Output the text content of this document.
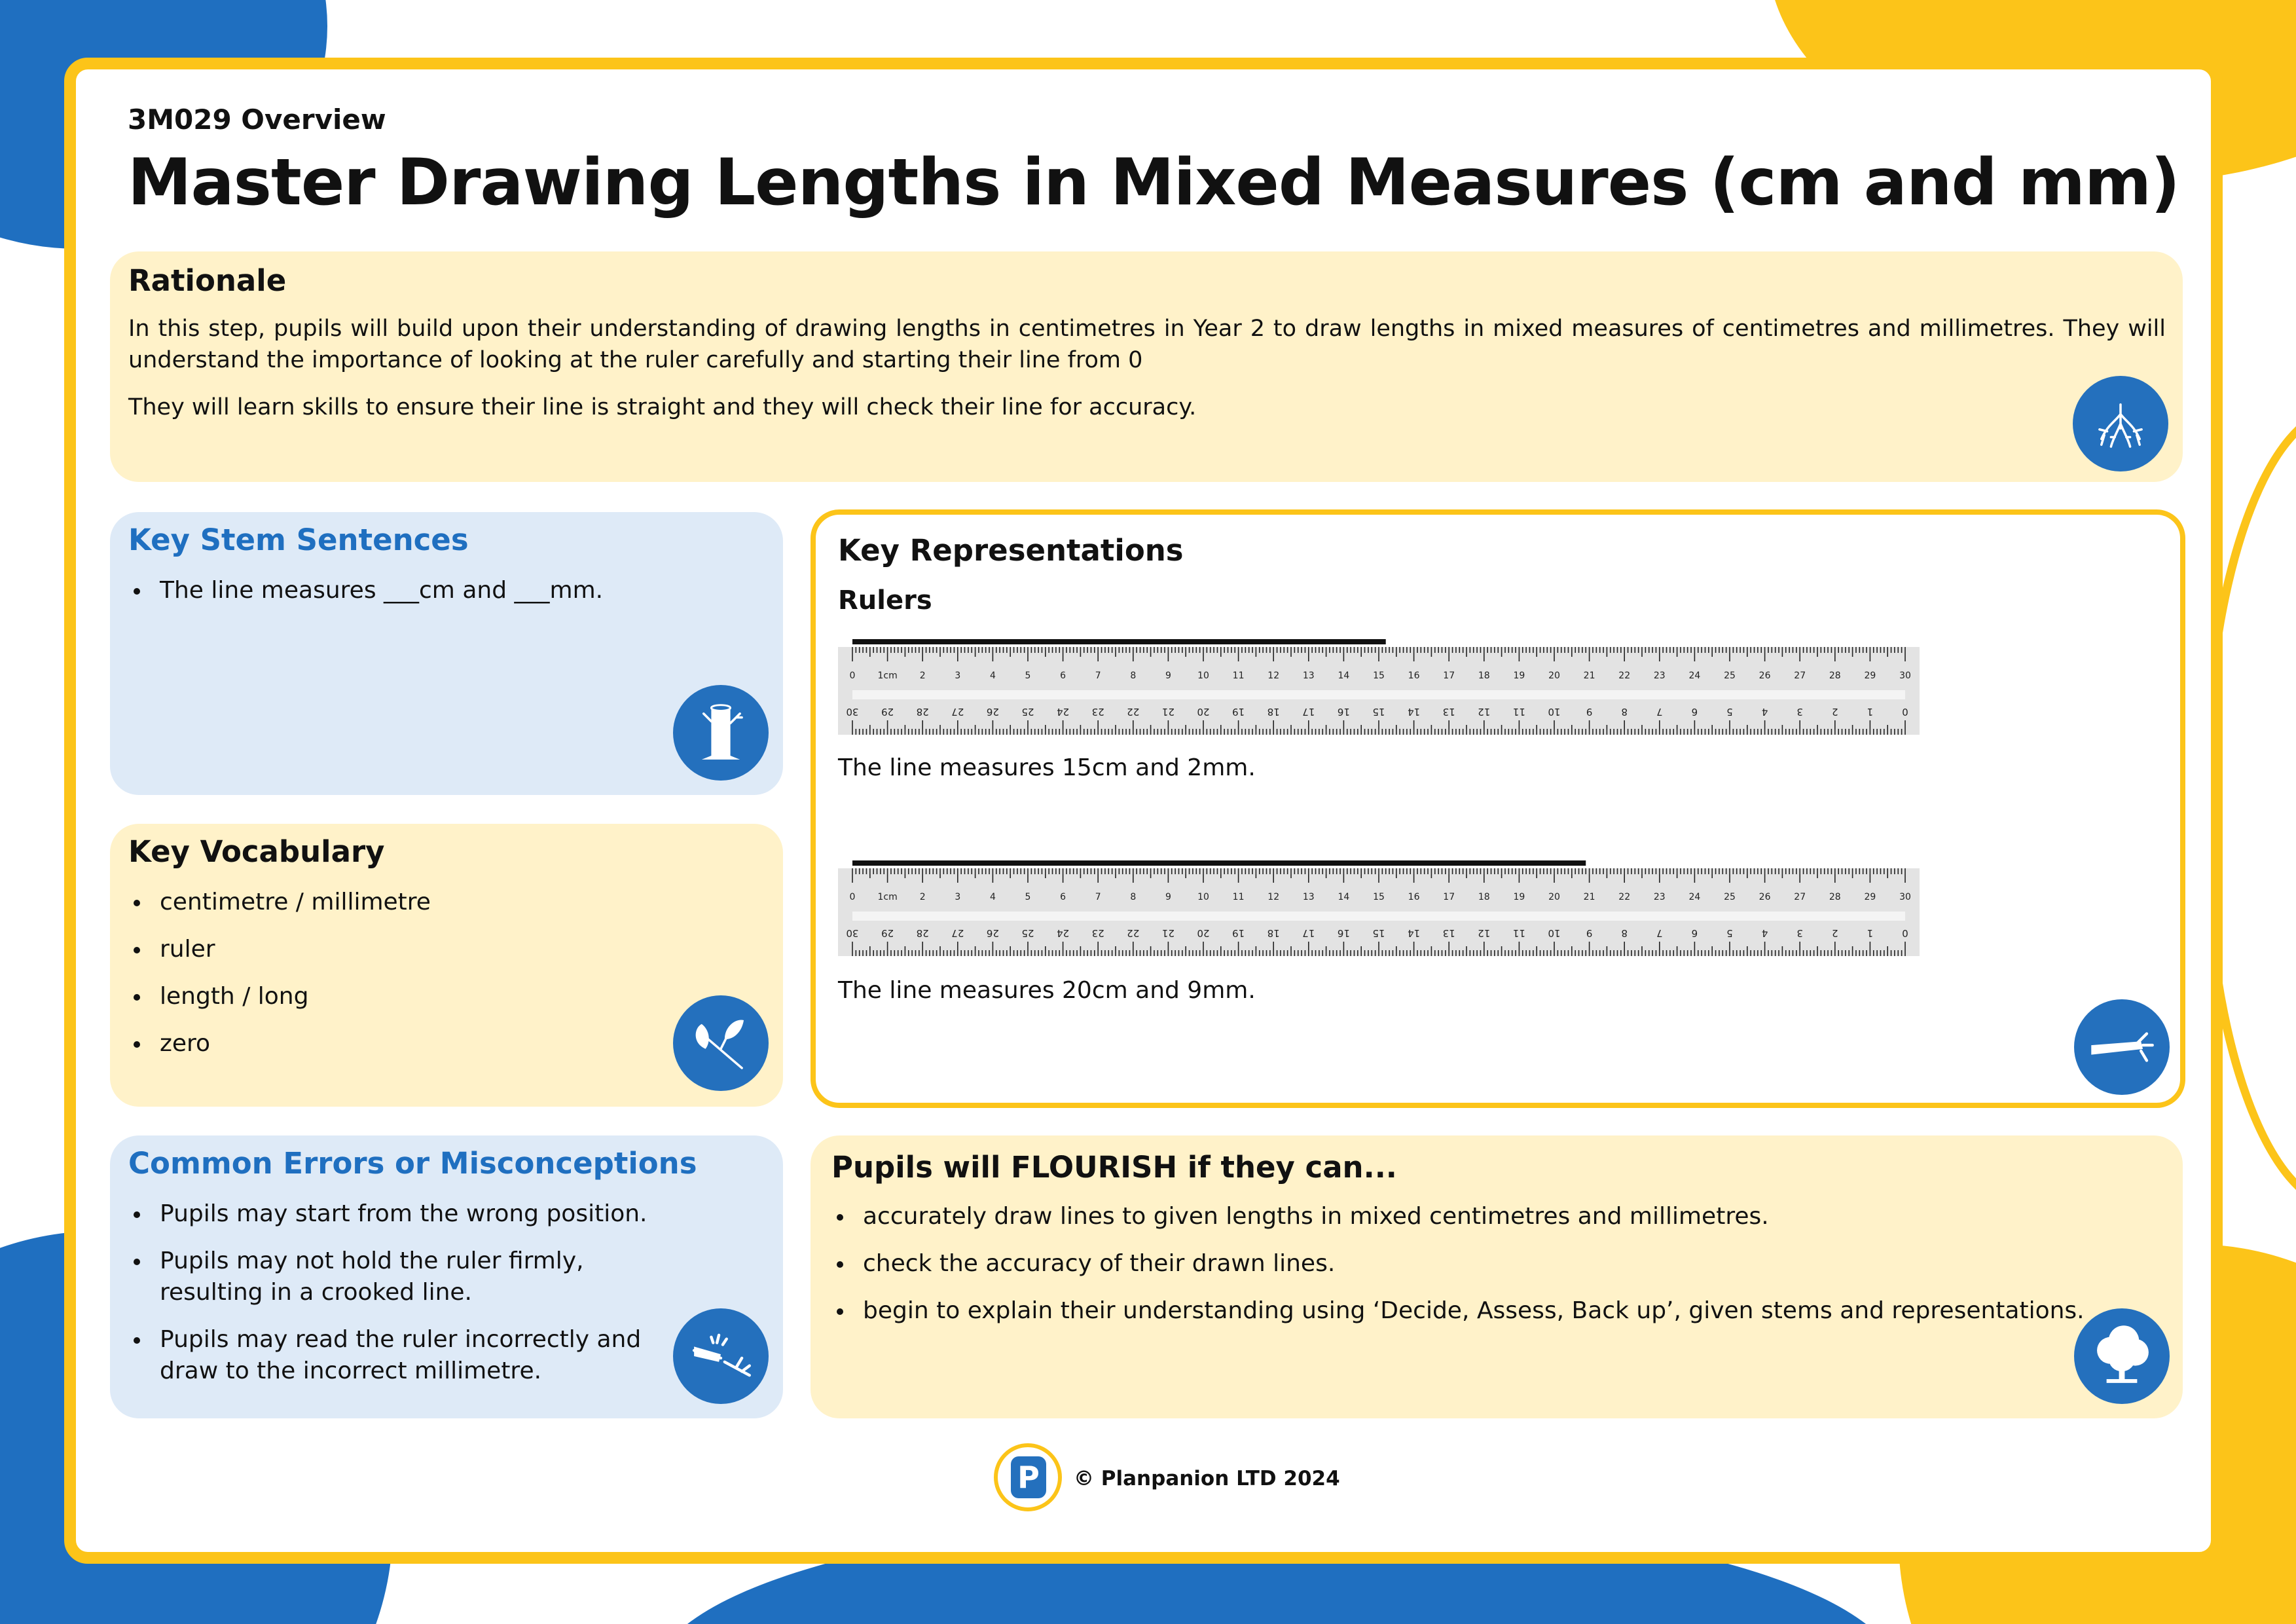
3M029 Overview
Master Drawing Lengths in Mixed Measures (cm and mm)
Rationale
In this step, pupils will build upon their understanding of drawing lengths in centimetres in Year 2 to draw lengths in mixed measures of centimetres and millimetres. They will understand the importance of looking at the ruler carefully and starting their line from 0
They will learn skills to ensure their line is straight and they will check their line for accuracy.
Key Stem Sentences
The line measures ___cm and ___mm.
Key Vocabulary
centimetre / millimetre
ruler
length / long
zero
Common Errors or Misconceptions
Pupils may start from the wrong position.
Pupils may not hold the ruler firmly, resulting in a crooked line.
Pupils may read the ruler incorrectly and draw to the incorrect millimetre.
Key Representations
Rulers
0 1cm 2	3	4	5	6	7	8	9	10	11	12	13	14	15	16	17	18	19	20	21	22	23	24	25	26	27	28	29	30
30 29 28 27 26 25 24 23 22 21 20 19 18 17 16 15 14 13 12 11 10	9	8	7	6	5	4	3	2	1	0
The line measures 15cm and 2mm.
0 1cm 2	3	4	5	6	7	8	9	10	11	12	13	14	15	16	17	18	19	20	21	22	23	24	25	26	27	28	29	30
30 29 28 27 26 25 24 23 22 21 20 19 18 17 16 15 14 13 12 11 10	9	8	7	6	5	4	3	2	1	0
The line measures 20cm and 9mm.
Pupils will FLOURISH if they can...
accurately draw lines to given lengths in mixed centimetres and millimetres.
check the accuracy of their drawn lines.
begin to explain their understanding using ‘Decide, Assess, Back up’, given stems and representations.
P	© Planpanion LTD 2024
